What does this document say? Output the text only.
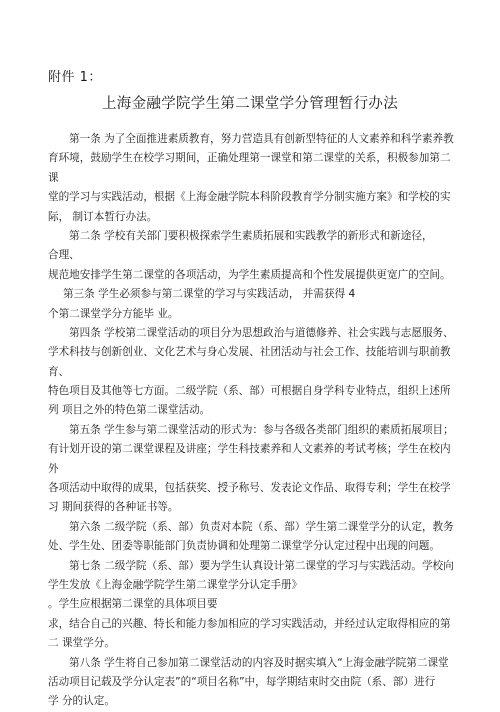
附件 1：
上海金融学院学生第二课堂学分管理暂行办法
第一条 为了全面推进素质教育，努力营造具有创新型特征的人文素养和科学素养教
育环境，鼓励学生在校学习期间，正确处理第一课堂和第二课堂的关系，积极参加第二
课
堂的学习与实践活动，根据《上海金融学院本科阶段教育学分制实施方案》和学校的实
际， 制订本暂行办法。
第二条 学校有关部门要积极探索学生素质拓展和实践教学的新形式和新途径，
合理、
规范地安排学生第二课堂的各项活动，为学生素质提高和个性发展提供更宽广的空间。
第三条 学生必须参与第二课堂的学习与实践活动， 并需获得 4
个第二课堂学分方能毕 业。
第四条 学校第二课堂活动的项目分为思想政治与道德修养、社会实践与志愿服务、
学术科技与创新创业、文化艺术与身心发展、社团活动与社会工作、技能培训与职前教
育、
特色项目及其他等七方面。二级学院（系、部）可根据自身学科专业特点，组织上述所
列 项目之外的特色第二课堂活动。
第五条 学生参与第二课堂活动的形式为：参与各级各类部门组织的素质拓展项目；
有计划开设的第二课堂课程及讲座；学生科技素养和人文素养的考试考核；学生在校内
外
各项活动中取得的成果，包括获奖、授予称号、发表论文作品、取得专利；学生在校学
习 期间获得的各种证书等。
第六条 二级学院（系、部）负责对本院（系、部）学生第二课堂学分的认定，教务
处、学生处、团委等职能部门负责协调和处理第二课堂学分认定过程中出现的问题。
第七条 二级学院（系、部）要为学生认真设计第二课堂的学习与实践活动。学校向
学生发放《上海金融学院学生第二课堂学分认定手册》
。学生应根据第二课堂的具体项目要
求，结合自己的兴趣、特长和能力参加相应的学习实践活动，并经过认定取得相应的第
二 课堂学分。
第八条 学生将自己参加第二课堂活动的内容及时据实填入“上海金融学院第二课堂
活动项目记载及学分认定表”的“项目名称”中，每学期结束时交由院（系、部）进行
学 分的认定。
